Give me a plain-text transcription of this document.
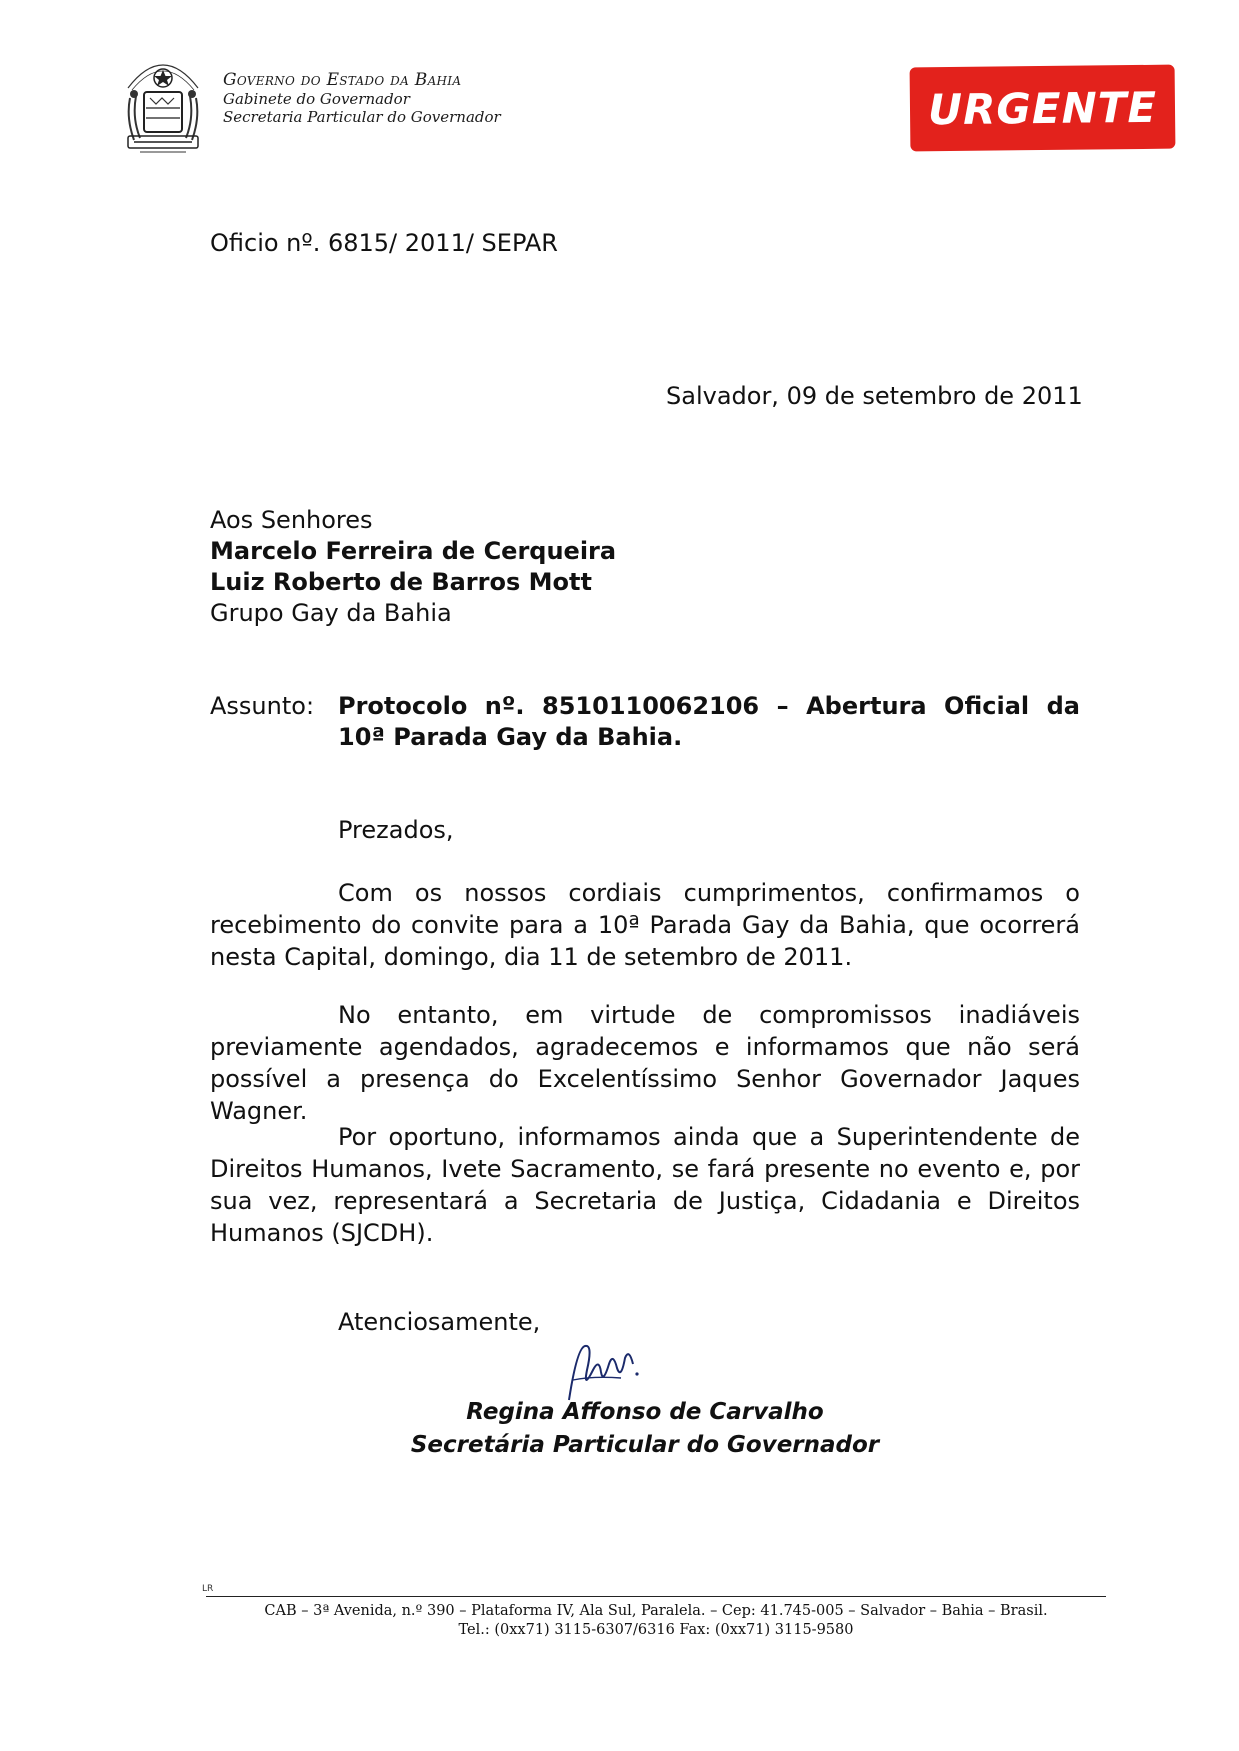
Governo do Estado da Bahia
Gabinete do Governador
Secretaria Particular do Governador	URGENTE
Oficio nº. 6815/ 2011/ SEPAR
Salvador, 09 de setembro de 2011
Aos Senhores
Marcelo Ferreira de Cerqueira
Luiz Roberto de Barros Mott
Grupo Gay da Bahia
Assunto: Protocolo nº. 8510110062106 – Abertura Oficial da 10ª Parada Gay da Bahia.
Prezados,

Com os nossos cordiais cumprimentos, confirmamos o recebimento do convite para a 10ª Parada Gay da Bahia, que ocorrerá nesta Capital, domingo, dia 11 de setembro de 2011.

No entanto, em virtude de compromissos inadiáveis previamente agendados, agradecemos e informamos que não será possível a presença do Excelentíssimo Senhor Governador Jaques Wagner.

Por oportuno, informamos ainda que a Superintendente de Direitos Humanos, Ivete Sacramento, se fará presente no evento e, por sua vez, representará a Secretaria de Justiça, Cidadania e Direitos Humanos (SJCDH).

Atenciosamente,
Regina Affonso de Carvalho
Secretária Particular do Governador
LR
CAB – 3ª Avenida, n.º 390 – Plataforma IV, Ala Sul, Paralela. – Cep: 41.745-005 – Salvador – Bahia – Brasil.
Tel.: (0xx71) 3115-6307/6316 Fax: (0xx71) 3115-9580
